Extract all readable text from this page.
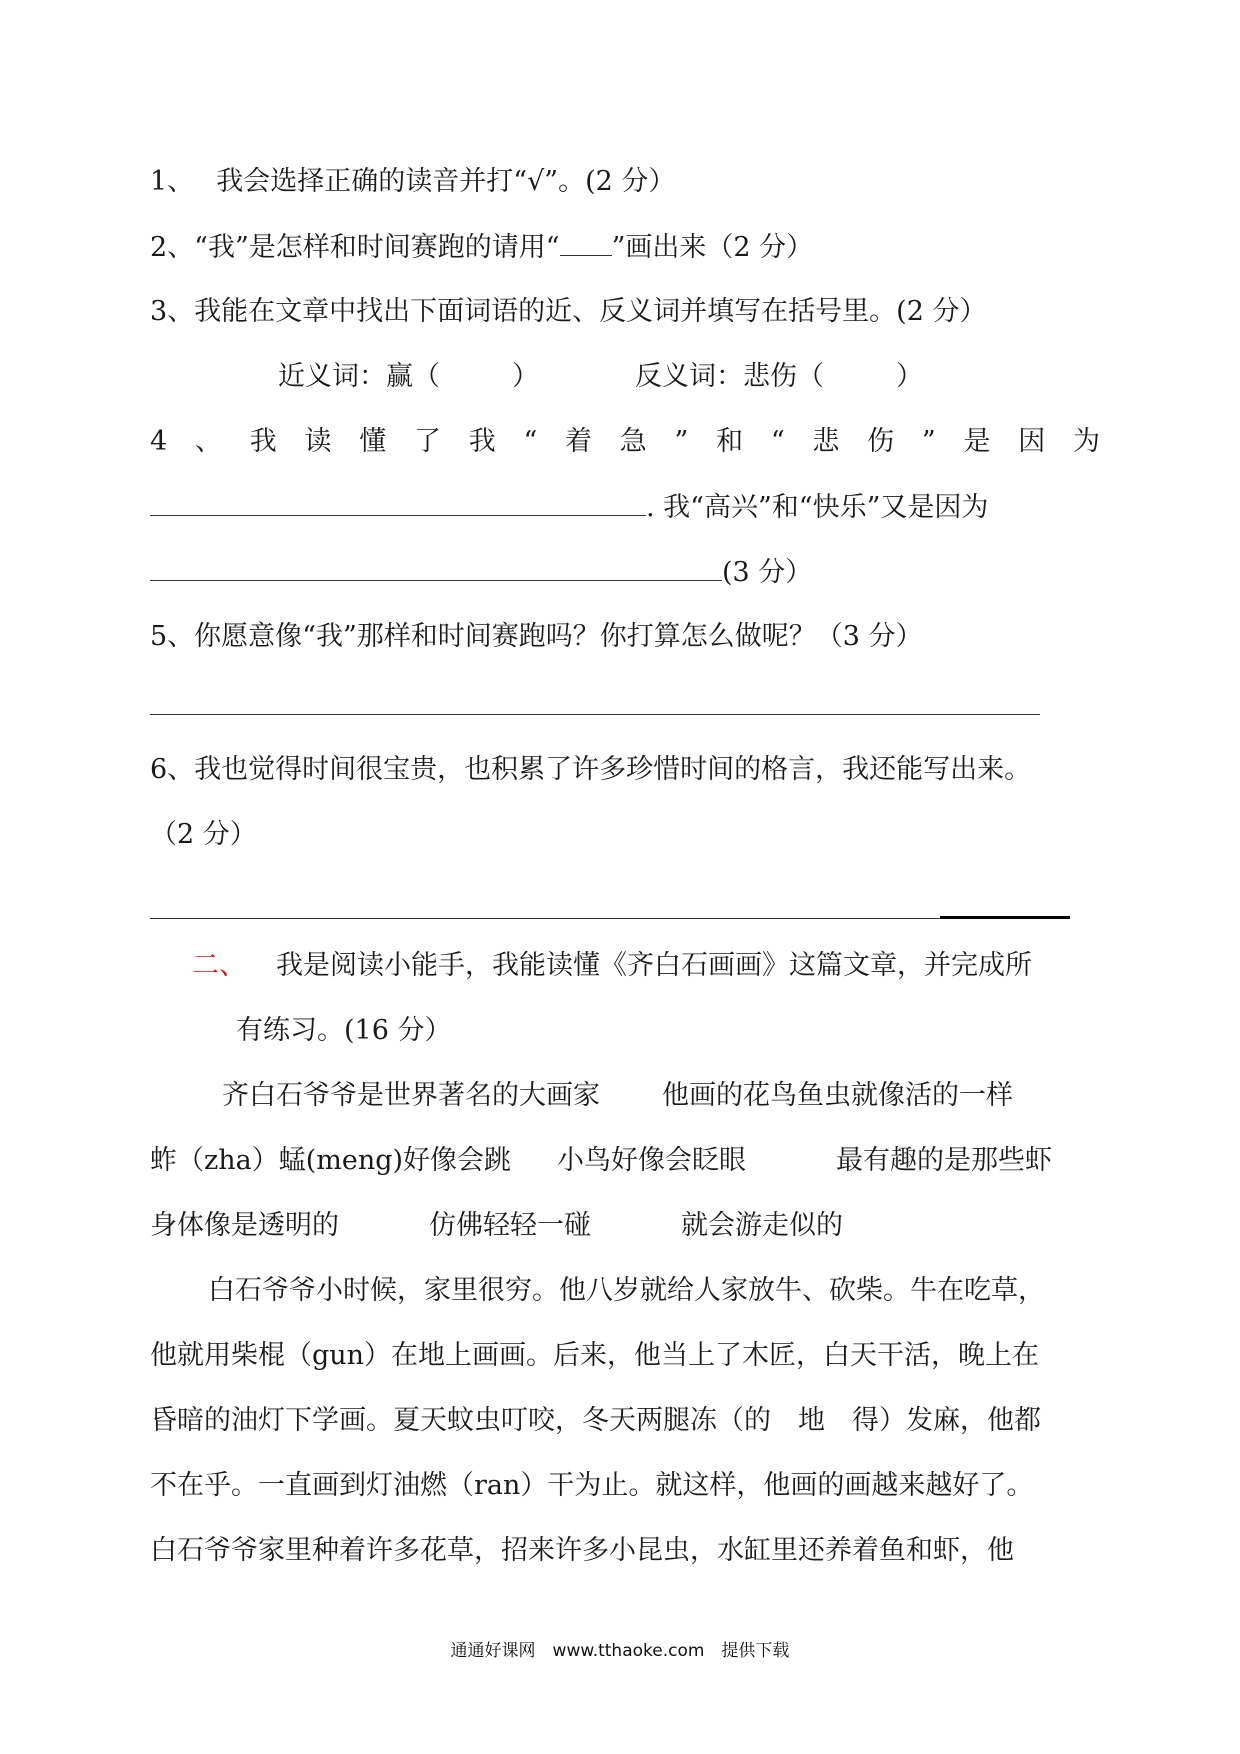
1、　 我会选择正确的读音并打“√”。(2 分）
2、“我”是怎样和时间赛跑的请用“ ”画出来（2 分）
3、我能在文章中找出下面词语的近、反义词并填写在括号里。(2 分）
近义词：赢（	）	反义词：悲伤（	）
4 、 我 读 懂 了 我 “ 着 急 ” 和 “ 悲 伤 ” 是 因 为
. 我“高兴”和“快乐”又是因为
(3 分）
5、你愿意像“我”那样和时间赛跑吗？你打算怎么做呢？（3 分）
6、我也觉得时间很宝贵，也积累了许多珍惜时间的格言，我还能写出来。
（2 分）
二、 我是阅读小能手，我能读懂《齐白石画画》这篇文章，并完成所
有练习。(16 分）
齐白石爷爷是世界著名的大画家 他画的花鸟鱼虫就像活的一样
蚱（zha）蜢(meng)好像会跳 小鸟好像会眨眼	最有趣的是那些虾
身体像是透明的	仿佛轻轻一碰	就会游走似的
白石爷爷小时候，家里很穷。他八岁就给人家放牛、砍柴。牛在吃草，
他就用柴棍（gun）在地上画画。后来，他当上了木匠，白天干活，晚上在
昏暗的油灯下学画。夏天蚊虫叮咬，冬天两腿冻（的　地　得）发麻，他都
不在乎。一直画到灯油燃（ran）干为止。就这样，他画的画越来越好了。
白石爷爷家里种着许多花草，招来许多小昆虫，水缸里还养着鱼和虾，他
通通好课网　www.tthaoke.com　提供下载
